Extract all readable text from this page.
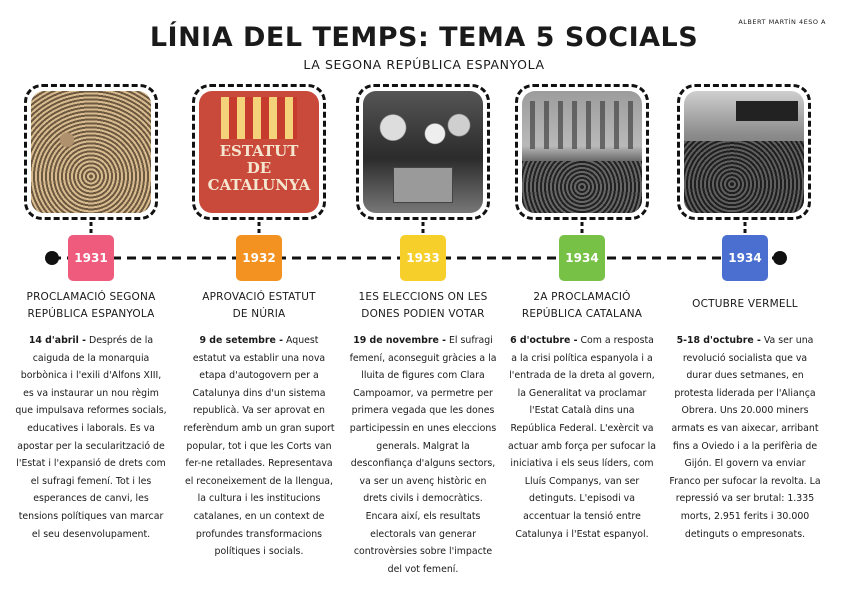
ALBERT MARTÍN 4ESO A
LÍNIA DEL TEMPS: TEMA 5 SOCIALS
LA SEGONA REPÚBLICA ESPANYOLA
ESTATUT
DE
CATALUNYA
1931	1932	1933	1934	1934
PROCLAMACIÓ SEGONA
REPÚBLICA ESPANYOLA
APROVACIÓ ESTATUT
DE NÚRIA
1ES ELECCIONS ON LES
DONES PODIEN VOTAR
2A PROCLAMACIÓ
REPÚBLICA CATALANA
OCTUBRE VERMELL
14 d'abril - Després de la caiguda de la monarquia borbònica i l'exili d'Alfons XIII, es va instaurar un nou règim que impulsava reformes socials, educatives i laborals. Es va apostar per la secularització de l'Estat i l'expansió de drets com el sufragi femení. Tot i les esperances de canvi, les tensions polítiques van marcar el seu desenvolupament.
9 de setembre - Aquest estatut va establir una nova etapa d'autogovern per a Catalunya dins d'un sistema republicà. Va ser aprovat en referèndum amb un gran suport popular, tot i que les Corts van fer-ne retallades. Representava el reconeixement de la llengua, la cultura i les institucions catalanes, en un context de profundes transformacions polítiques i socials.
19 de novembre - El sufragi femení, aconseguit gràcies a la lluita de figures com Clara Campoamor, va permetre per primera vegada que les dones participessin en unes eleccions generals. Malgrat la desconfiança d'alguns sectors, va ser un avenç històric en drets civils i democràtics. Encara així, els resultats electorals van generar controvèrsies sobre l'impacte del vot femení.
6 d'octubre - Com a resposta a la crisi política espanyola i a l'entrada de la dreta al govern, la Generalitat va proclamar l'Estat Català dins una República Federal. L'exèrcit va actuar amb força per sufocar la iniciativa i els seus líders, com Lluís Companys, van ser detinguts. L'episodi va accentuar la tensió entre Catalunya i l'Estat espanyol.
5-18 d'octubre - Va ser una revolució socialista que va durar dues setmanes, en protesta liderada per l'Aliança Obrera. Uns 20.000 miners armats es van aixecar, arribant fins a Oviedo i a la perifèria de Gijón. El govern va enviar Franco per sufocar la revolta. La repressió va ser brutal: 1.335 morts, 2.951 ferits i 30.000 detinguts o empresonats.
